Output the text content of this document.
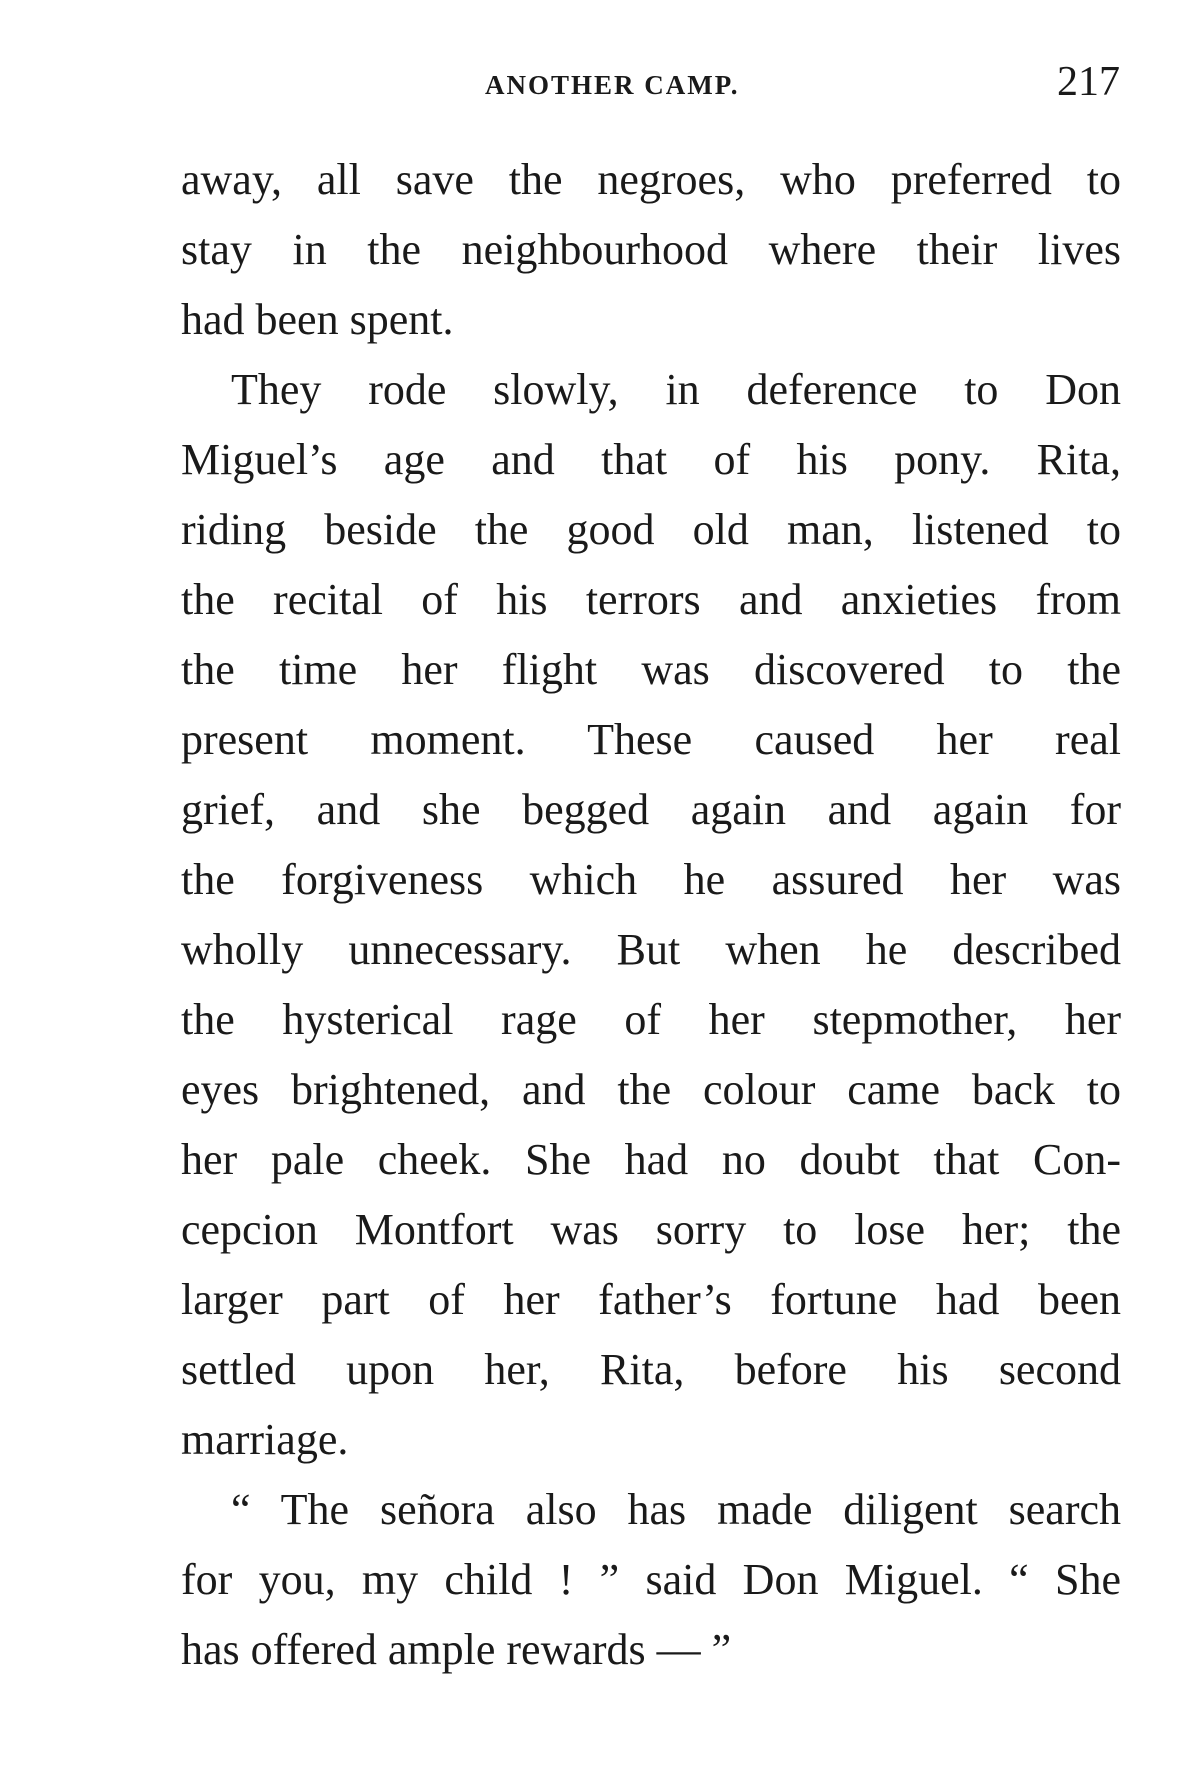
ANOTHER CAMP.	217
away, all save the negroes, who preferred to
stay in the neighbourhood where their lives
had been spent.
They rode slowly, in deference to Don
Miguel’s age and that of his pony. Rita,
riding beside the good old man, listened to
the recital of his terrors and anxieties from
the time her flight was discovered to the
present moment. These caused her real
grief, and she begged again and again for
the forgiveness which he assured her was
wholly unnecessary. But when he described
the hysterical rage of her stepmother, her
eyes brightened, and the colour came back to
her pale cheek. She had no doubt that Con-
cepcion Montfort was sorry to lose her; the
larger part of her father’s fortune had been
settled upon her, Rita, before his second
marriage.
“ The señora also has made diligent search
for you, my child ! ” said Don Miguel. “ She
has offered ample rewards — ”
